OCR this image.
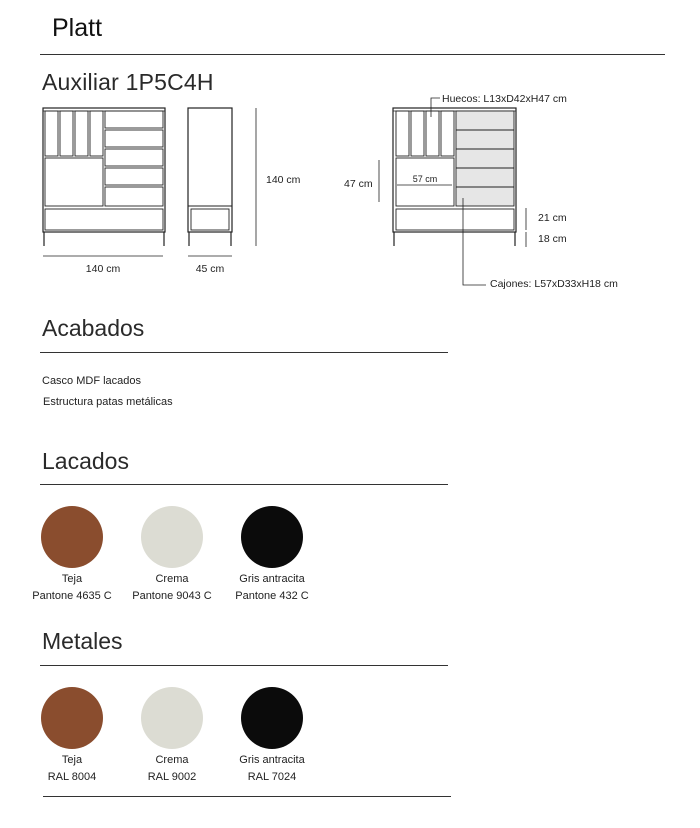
Platt
Auxiliar 1P5C4H
140 cm	45 cm
140 cm
Huecos: L13xD42xH47 cm
47 cm	57 cm
21 cm
18 cm
Cajones: L57xD33xH18 cm
Acabados
Casco MDF lacados
Estructura patas metálicas
Lacados
Teja
Pantone 4635 C
Crema
Pantone 9043 C
Gris antracita
Pantone 432 C
Metales
Teja
RAL 8004
Crema
RAL 9002
Gris antracita
RAL 7024
